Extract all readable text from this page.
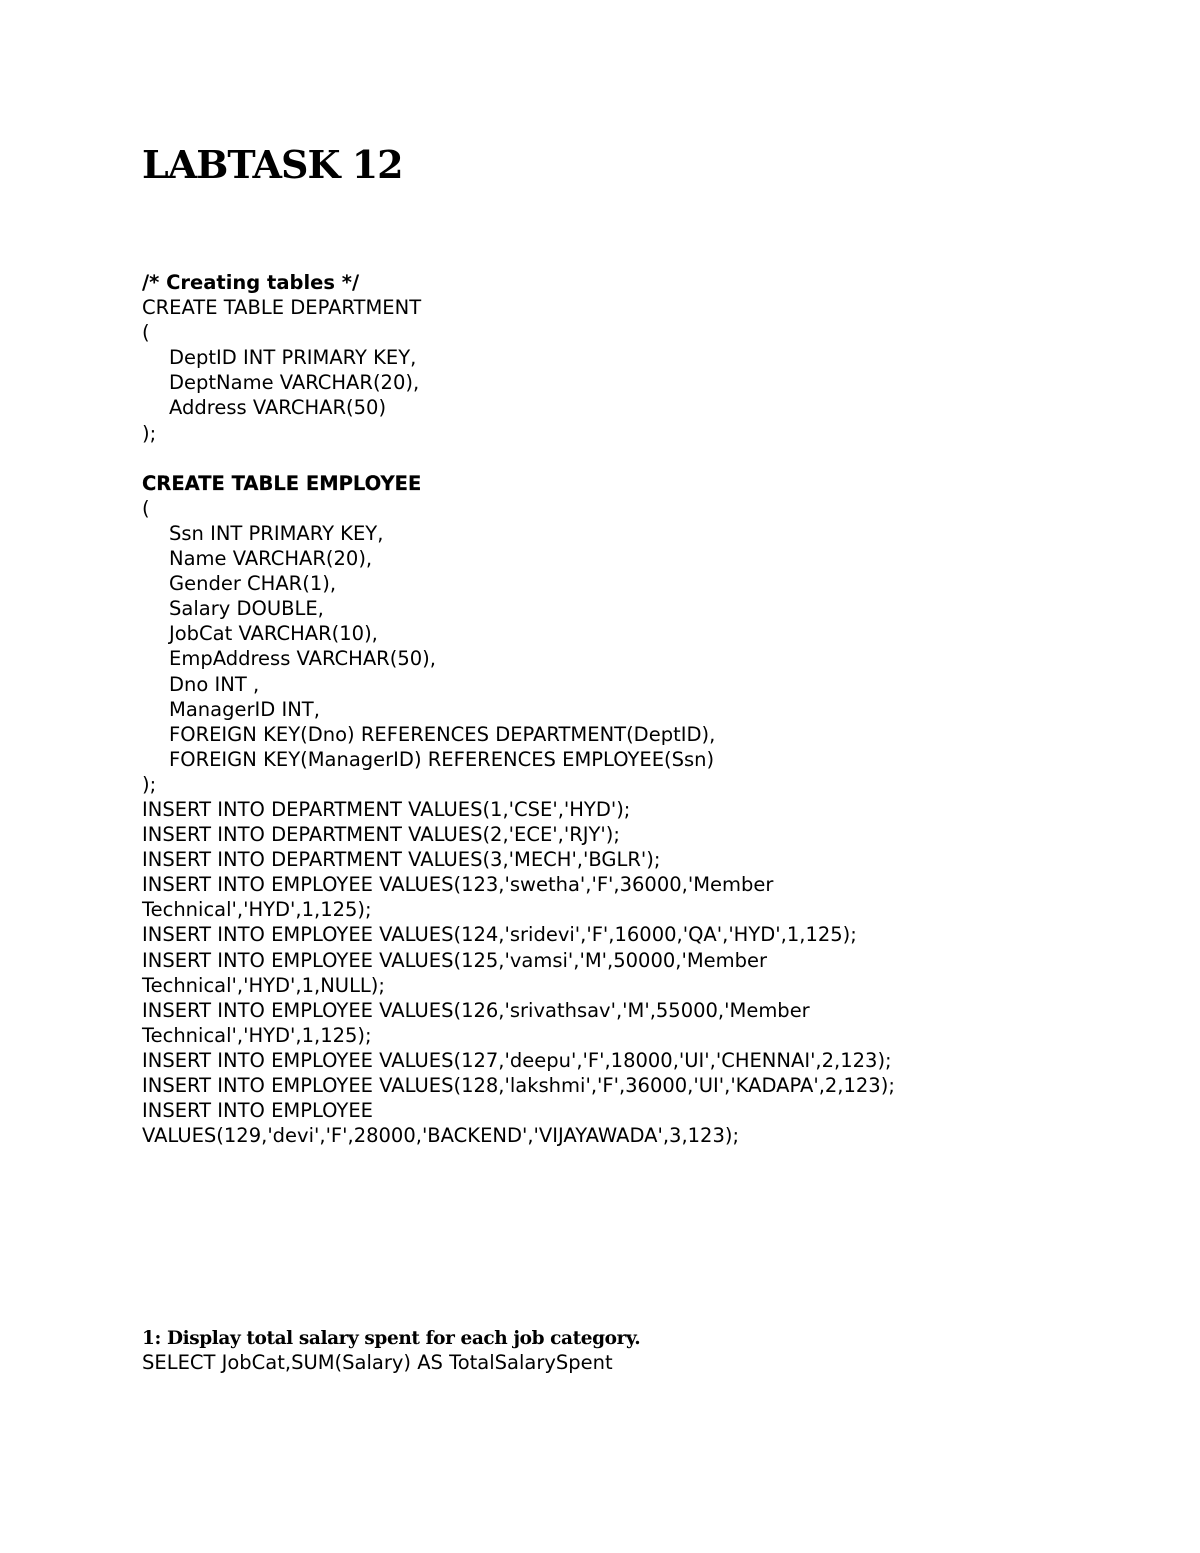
LABTASK 12
/* Creating tables */
CREATE TABLE DEPARTMENT
(
DeptID INT PRIMARY KEY,
DeptName VARCHAR(20),
Address VARCHAR(50)
);
CREATE TABLE EMPLOYEE
(
Ssn INT PRIMARY KEY,
Name VARCHAR(20),
Gender CHAR(1),
Salary DOUBLE,
JobCat VARCHAR(10),
EmpAddress VARCHAR(50),
Dno INT ,
ManagerID INT,
FOREIGN KEY(Dno) REFERENCES DEPARTMENT(DeptID),
FOREIGN KEY(ManagerID) REFERENCES EMPLOYEE(Ssn)
);
INSERT INTO DEPARTMENT VALUES(1,'CSE','HYD');
INSERT INTO DEPARTMENT VALUES(2,'ECE','RJY');
INSERT INTO DEPARTMENT VALUES(3,'MECH','BGLR');
INSERT INTO EMPLOYEE VALUES(123,'swetha','F',36000,'Member
Technical','HYD',1,125);
INSERT INTO EMPLOYEE VALUES(124,'sridevi','F',16000,'QA','HYD',1,125);
INSERT INTO EMPLOYEE VALUES(125,'vamsi','M',50000,'Member
Technical','HYD',1,NULL);
INSERT INTO EMPLOYEE VALUES(126,'srivathsav','M',55000,'Member
Technical','HYD',1,125);
INSERT INTO EMPLOYEE VALUES(127,'deepu','F',18000,'UI','CHENNAI',2,123);
INSERT INTO EMPLOYEE VALUES(128,'lakshmi','F',36000,'UI','KADAPA',2,123);
INSERT INTO EMPLOYEE
VALUES(129,'devi','F',28000,'BACKEND','VIJAYAWADA',3,123);

1: Display total salary spent for each job category.

SELECT JobCat,SUM(Salary) AS TotalSalarySpent
